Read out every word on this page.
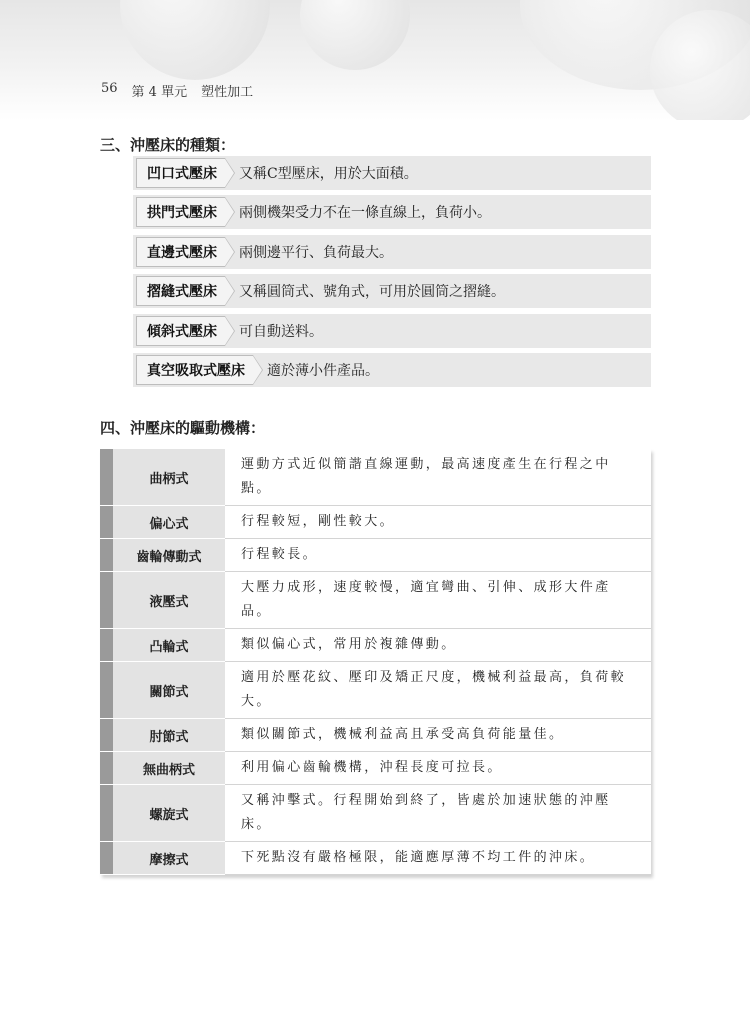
56 第 4 單元 塑性加工
三、沖壓床的種類：
凹口式壓床	又稱C型壓床，用於大面積。
拱門式壓床	兩側機架受力不在一條直線上，負荷小。
直邊式壓床	兩側邊平行、負荷最大。
摺縫式壓床	又稱圓筒式、號角式，可用於圓筒之摺縫。
傾斜式壓床	可自動送料。
真空吸取式壓床	適於薄小件產品。
四、沖壓床的驅動機構：
	曲柄式	運動方式近似簡諧直線運動，最高速度產生在行程之中點。
	偏心式	行程較短，剛性較大。
	齒輪傳動式	行程較長。
	液壓式	大壓力成形，速度較慢，適宜彎曲、引伸、成形大件產品。
	凸輪式	類似偏心式，常用於複雜傳動。
	關節式	適用於壓花紋、壓印及矯正尺度，機械利益最高，負荷較大。
	肘節式	類似關節式，機械利益高且承受高負荷能量佳。
	無曲柄式	利用偏心齒輪機構，沖程長度可拉長。
	螺旋式	又稱沖擊式。行程開始到終了，皆處於加速狀態的沖壓床。
	摩擦式	下死點沒有嚴格極限，能適應厚薄不均工件的沖床。
